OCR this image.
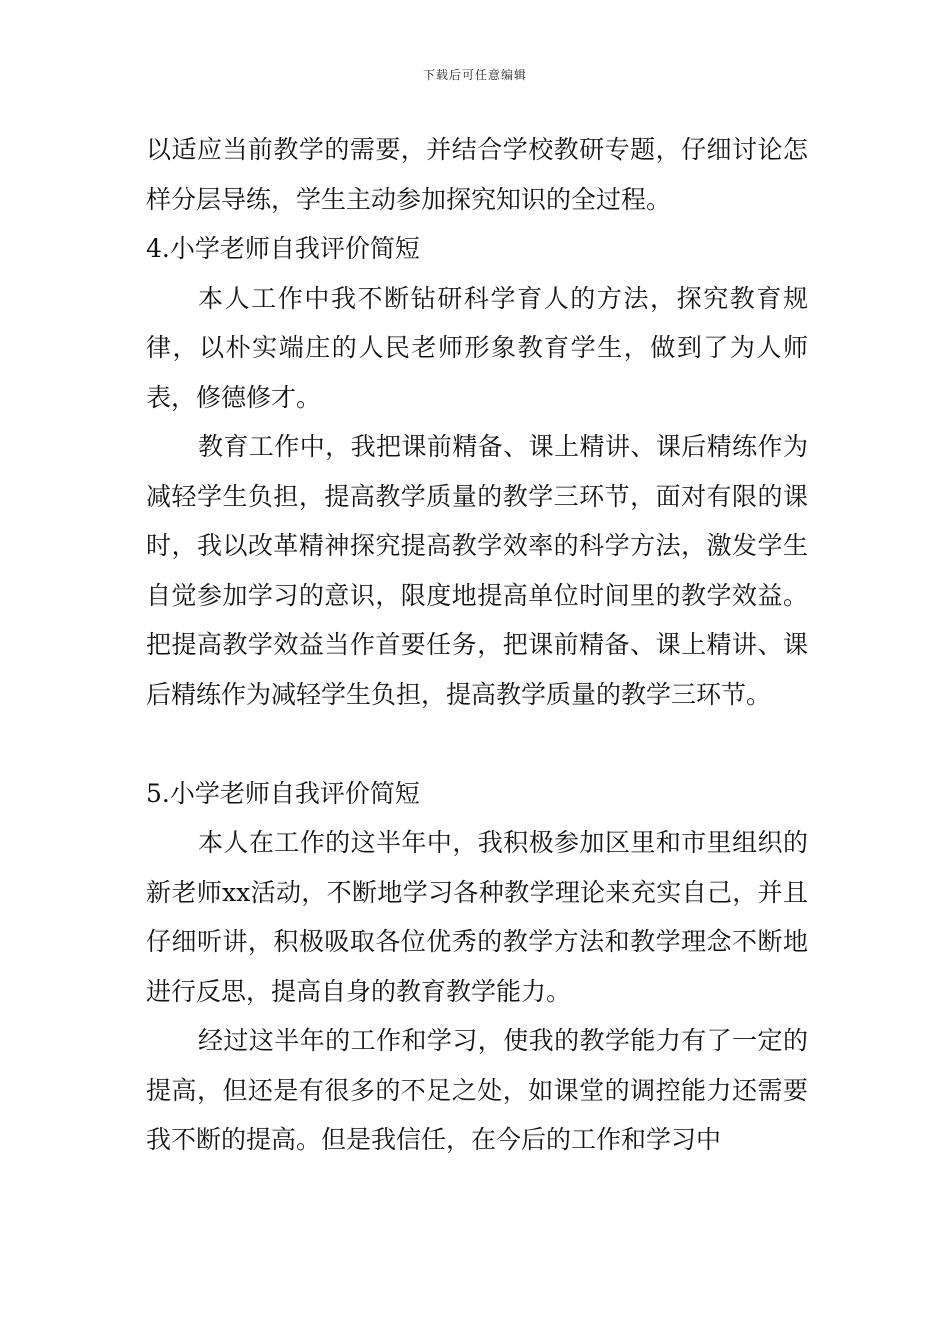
下载后可任意编辑

以适应当前教学的需要，并结合学校教研专题，仔细讨论怎样分层导练，学生主动参加探究知识的全过程。

4.小学老师自我评价简短

本人工作中我不断钻研科学育人的方法，探究教育规律，以朴实端庄的人民老师形象教育学生，做到了为人师表，修德修才。

教育工作中，我把课前精备、课上精讲、课后精练作为减轻学生负担，提高教学质量的教学三环节，面对有限的课时，我以改革精神探究提高教学效率的科学方法，激发学生自觉参加学习的意识，限度地提高单位时间里的教学效益。把提高教学效益当作首要任务，把课前精备、课上精讲、课后精练作为减轻学生负担，提高教学质量的教学三环节。

5.小学老师自我评价简短

本人在工作的这半年中，我积极参加区里和市里组织的新老师xx活动，不断地学习各种教学理论来充实自己，并且仔细听讲，积极吸取各位优秀的教学方法和教学理念不断地进行反思，提高自身的教育教学能力。

经过这半年的工作和学习，使我的教学能力有了一定的提高，但还是有很多的不足之处，如课堂的调控能力还需要我不断的提高。但是我信任，在今后的工作和学习中
